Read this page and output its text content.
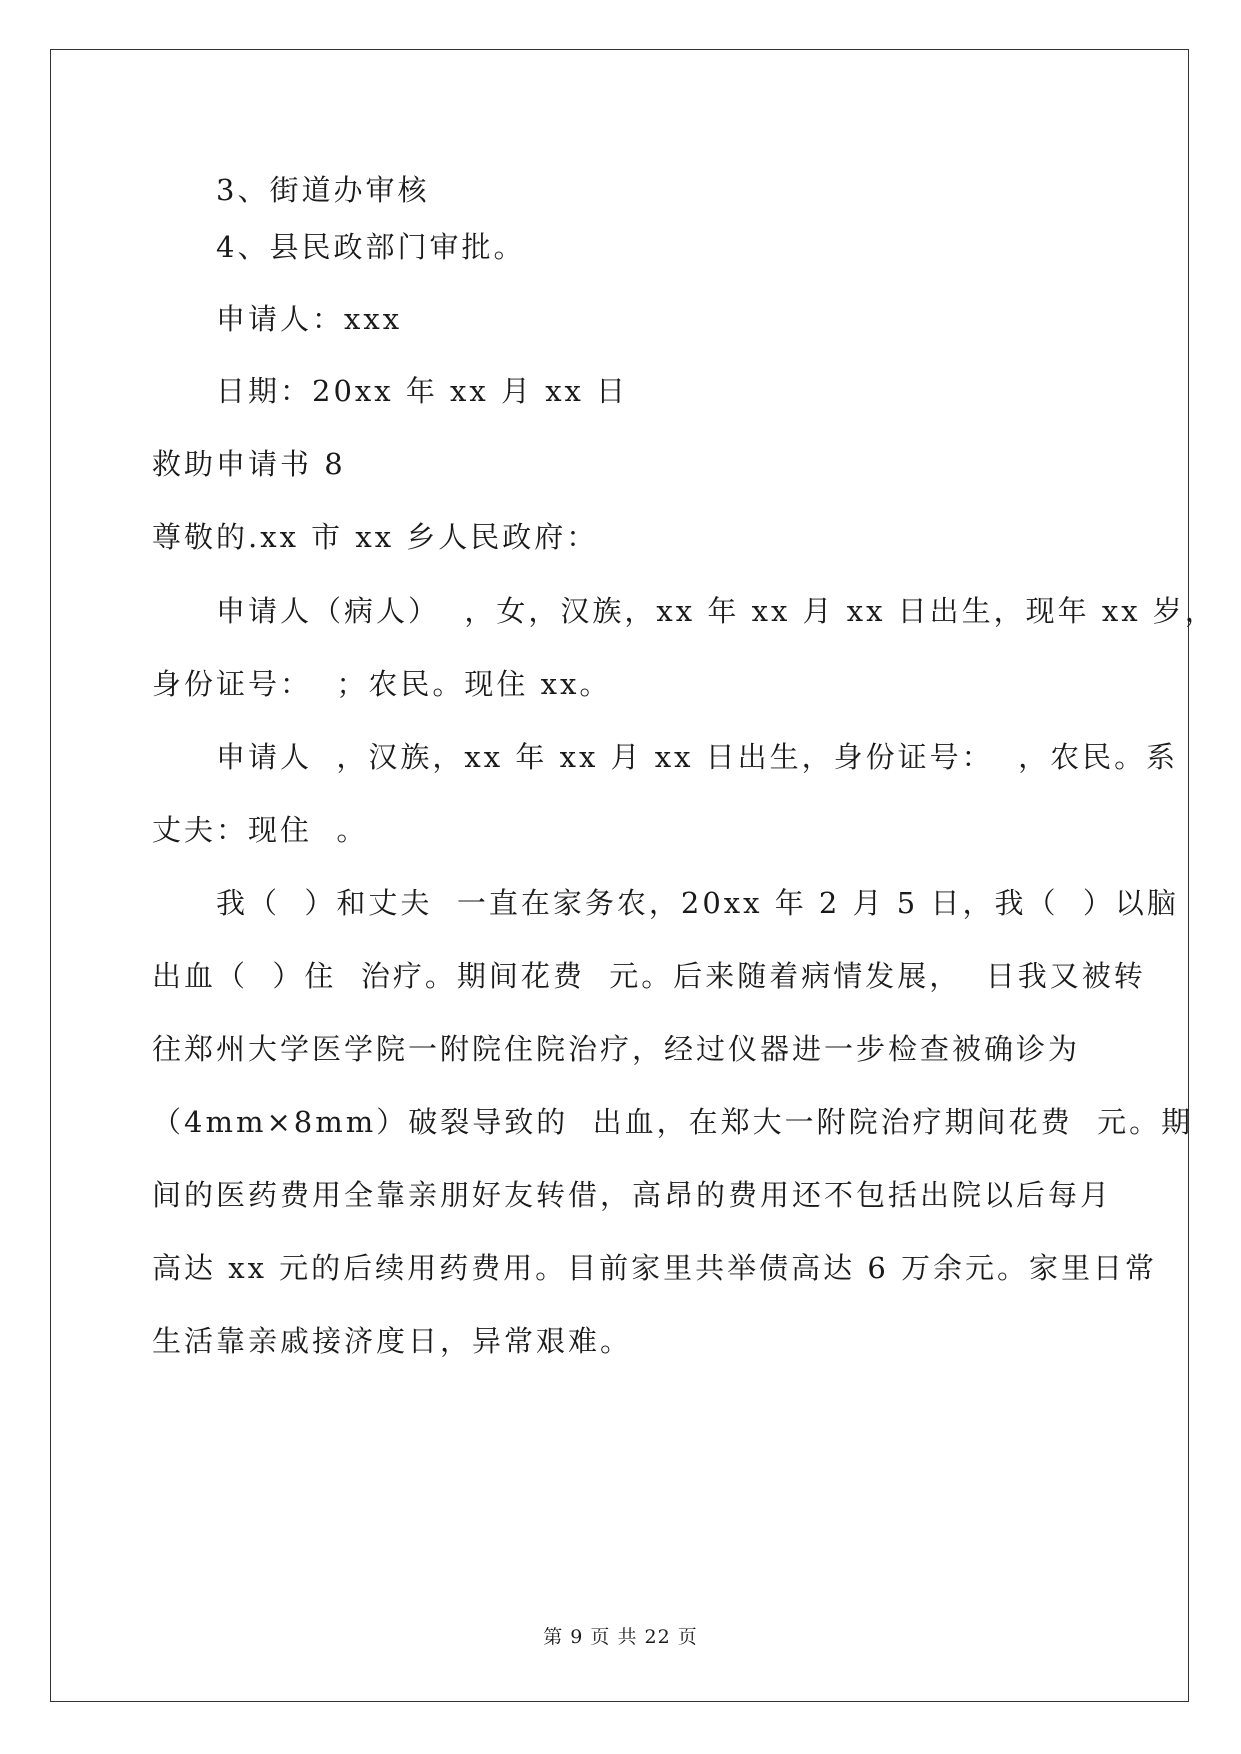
3、街道办审核
4、县民政部门审批。
申请人：xxx
日期：20xx 年 xx 月 xx 日
救助申请书 8
尊敬的.xx 市 xx 乡人民政府：
申请人（病人）  ，女，汉族，xx 年 xx 月 xx 日出生，现年 xx 岁，
身份证号：  ；农民。现住 xx。
申请人  ，汉族，xx 年 xx 月 xx 日出生，身份证号：  ，农民。系
丈夫：现住  。
我（  ）和丈夫  一直在家务农，20xx 年 2 月 5 日，我（  ）以脑
出血（  ）住  治疗。期间花费  元。后来随着病情发展，  日我又被转
往郑州大学医学院一附院住院治疗，经过仪器进一步检查被确诊为
（4mm×8mm）破裂导致的  出血，在郑大一附院治疗期间花费  元。期
间的医药费用全靠亲朋好友转借，高昂的费用还不包括出院以后每月
高达 xx 元的后续用药费用。目前家里共举债高达 6 万余元。家里日常
生活靠亲戚接济度日，异常艰难。
第 9 页 共 22 页
